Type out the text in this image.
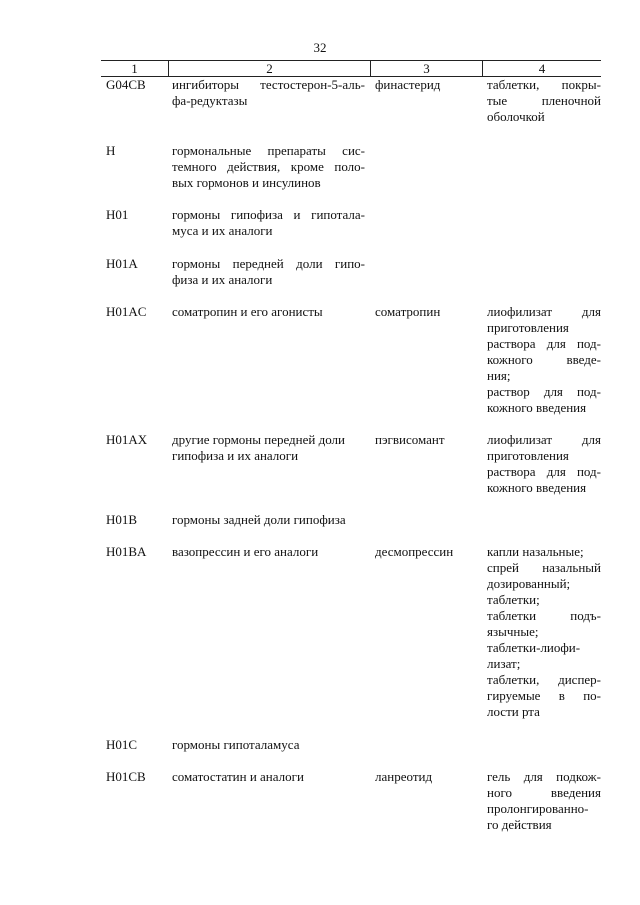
32
1	2	3	4
G04CB	ингибиторы тестостерон-5-аль-
фа-редуктазы
финастерид	таблетки, покры-
тые пленочной
оболочкой
H	гормональные препараты сис-
темного действия, кроме поло-
вых гормонов и инсулинов
H01	гормоны гипофиза и гипотала-
муса и их аналоги
H01A	гормоны передней доли гипо-
физа и их аналоги
H01AC	соматропин и его агонисты	соматропин	лиофилизат для
приготовления
раствора для под-
кожного введе-
ния;
раствор для под-
кожного введения
H01AX	другие гормоны передней доли
гипофиза и их аналоги
пэгвисомант	лиофилизат для
приготовления
раствора для под-
кожного введения
H01B	гормоны задней доли гипофиза
H01BA	вазопрессин и его аналоги	десмопрессин	капли назальные;
спрей назальный
дозированный;
таблетки;
таблетки подъ-
язычные;
таблетки-лиофи-
лизат;
таблетки, диспер-
гируемые в по-
лости рта
H01C	гормоны гипоталамуса
H01CB	соматостатин и аналоги	ланреотид	гель для подкож-
ного введения
пролонгированно-
го действия
